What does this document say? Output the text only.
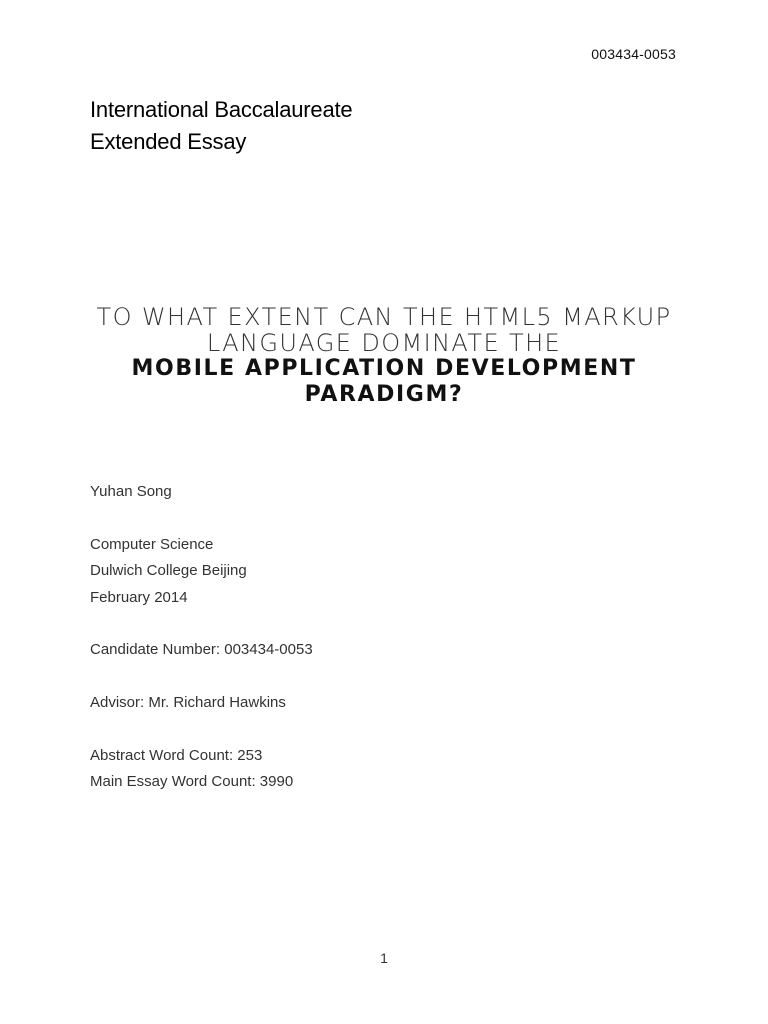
003434-0053
International Baccalaureate
Extended Essay
TO WHAT EXTENT CAN THE HTML5 MARKUP
LANGUAGE DOMINATE THE
MOBILE APPLICATION DEVELOPMENT
PARADIGM?
Yuhan Song
Computer Science
Dulwich College Beijing
February 2014
Candidate Number: 003434-0053
Advisor: Mr. Richard Hawkins
Abstract Word Count: 253
Main Essay Word Count: 3990
1
